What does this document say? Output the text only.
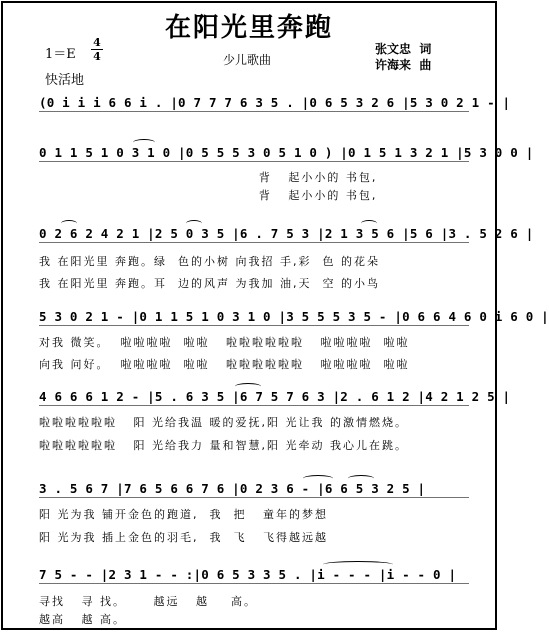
在阳光里奔跑
少儿歌曲
1＝E
4
4
快活地
张文忠  词
许海来  曲
(0 i i i 6 6 i . |0 7 7 7 6 3 5 . |0 6 5 3 2 6 |5 3 0 2 1 - |
0 1 1 5 1 0 3 1 0 |0 5 5 5 3 0 5 1 0 ) |0 1 5 1 3 2 1 |5 3 0 0 |
背   起小小的 书包,
背   起小小的 书包,
0 2 6 2 4 2 1 |2 5 0 3 5 |6 . 7 5 3 |2 1 3 5 6 |5 6 |3 . 5 2 6 |
我 在阳光里 奔跑。绿  色的小树 向我招 手,彩  色 的花朵
我 在阳光里 奔跑。耳  边的风声 为我加 油,天  空 的小鸟
5 3 0 2 1 - |0 1 1 5 1 0 3 1 0 |3 5 5 5 3 5 - |0 6 6 4 6 0 i 6 0 |
对我 微笑。  啦啦啦啦  啦啦   啦啦啦啦啦啦   啦啦啦啦  啦啦
向我 问好。  啦啦啦啦  啦啦   啦啦啦啦啦啦   啦啦啦啦  啦啦
4 6 6 6 1 2 - |5 . 6 3 5 |6 7 5 7 6 3 |2 . 6 1 2 |4 2 1 2 5 |
啦啦啦啦啦啦   阳 光给我温 暖的爱抚,阳 光让我 的激情燃烧。
啦啦啦啦啦啦   阳 光给我力 量和智慧,阳 光牵动 我心儿在跳。
3 . 5 6 7 |7 6 5 6 6 7 6 |0 2 3 6 - |6 6 5 3 2 5 |
阳 光为我 铺开金色的跑道,  我  把   童年的梦想
阳 光为我 插上金色的羽毛,  我  飞   飞得越远越
7 5 - - |2 3 1 - - :|0 6 5 3 3 5 . |i - - - |i - - 0 |
寻找   寻 找。     越远   越    高。
越高   越 高。
